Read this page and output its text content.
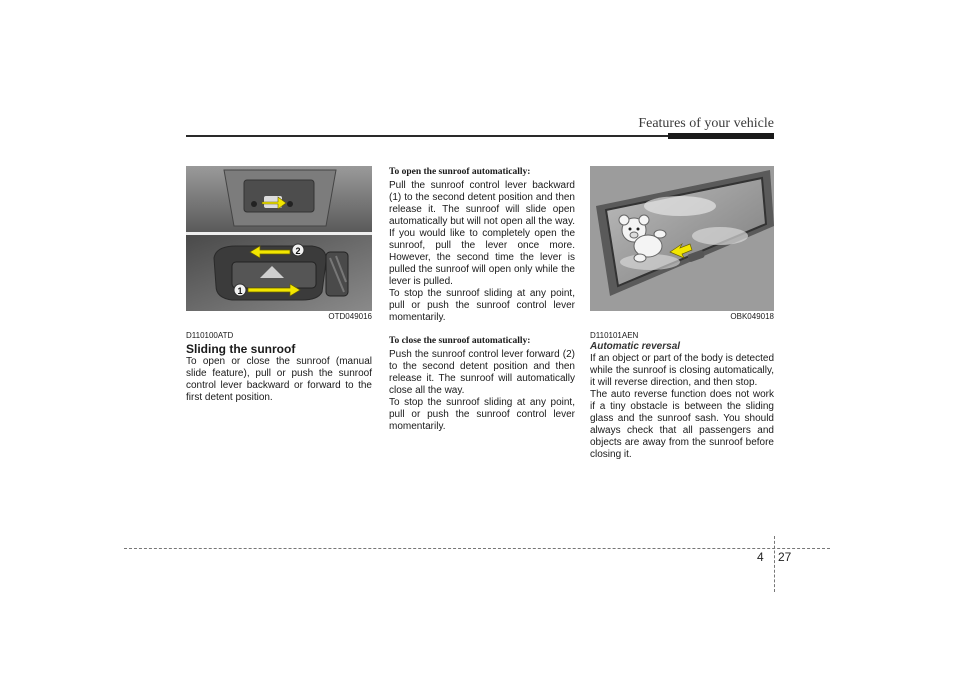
Features of your vehicle
2
1
OTD049016
D110100ATD
Sliding the sunroof

To open or close the sunroof (manual slide feature), pull or push the sunroof control lever backward or forward to the first detent position.

To open the sunroof automatically:

Pull the sunroof control lever backward (1) to the second detent position and then release it. The sunroof will slide open automatically but will not open all the way. If you would like to completely open the sunroof, pull the lever once more. However, the second time the lever is pulled the sunroof will open only while the lever is pulled.

To stop the sunroof sliding at any point, pull or push the sunroof control lever momentarily.

To close the sunroof automatically:

Push the sunroof control lever forward (2) to the second detent position and then release it. The sunroof will automatically close all the way.

To stop the sunroof sliding at any point, pull or push the sunroof control lever momentarily.

OBK049018
D110101AEN
Automatic reversal

If an object or part of the body is detected while the sunroof is closing automatically, it will reverse direction, and then stop.

The auto reverse function does not work if a tiny obstacle is between the sliding glass and the sunroof sash. You should always check that all passengers and objects are away from the sunroof before closing it.

4 27
